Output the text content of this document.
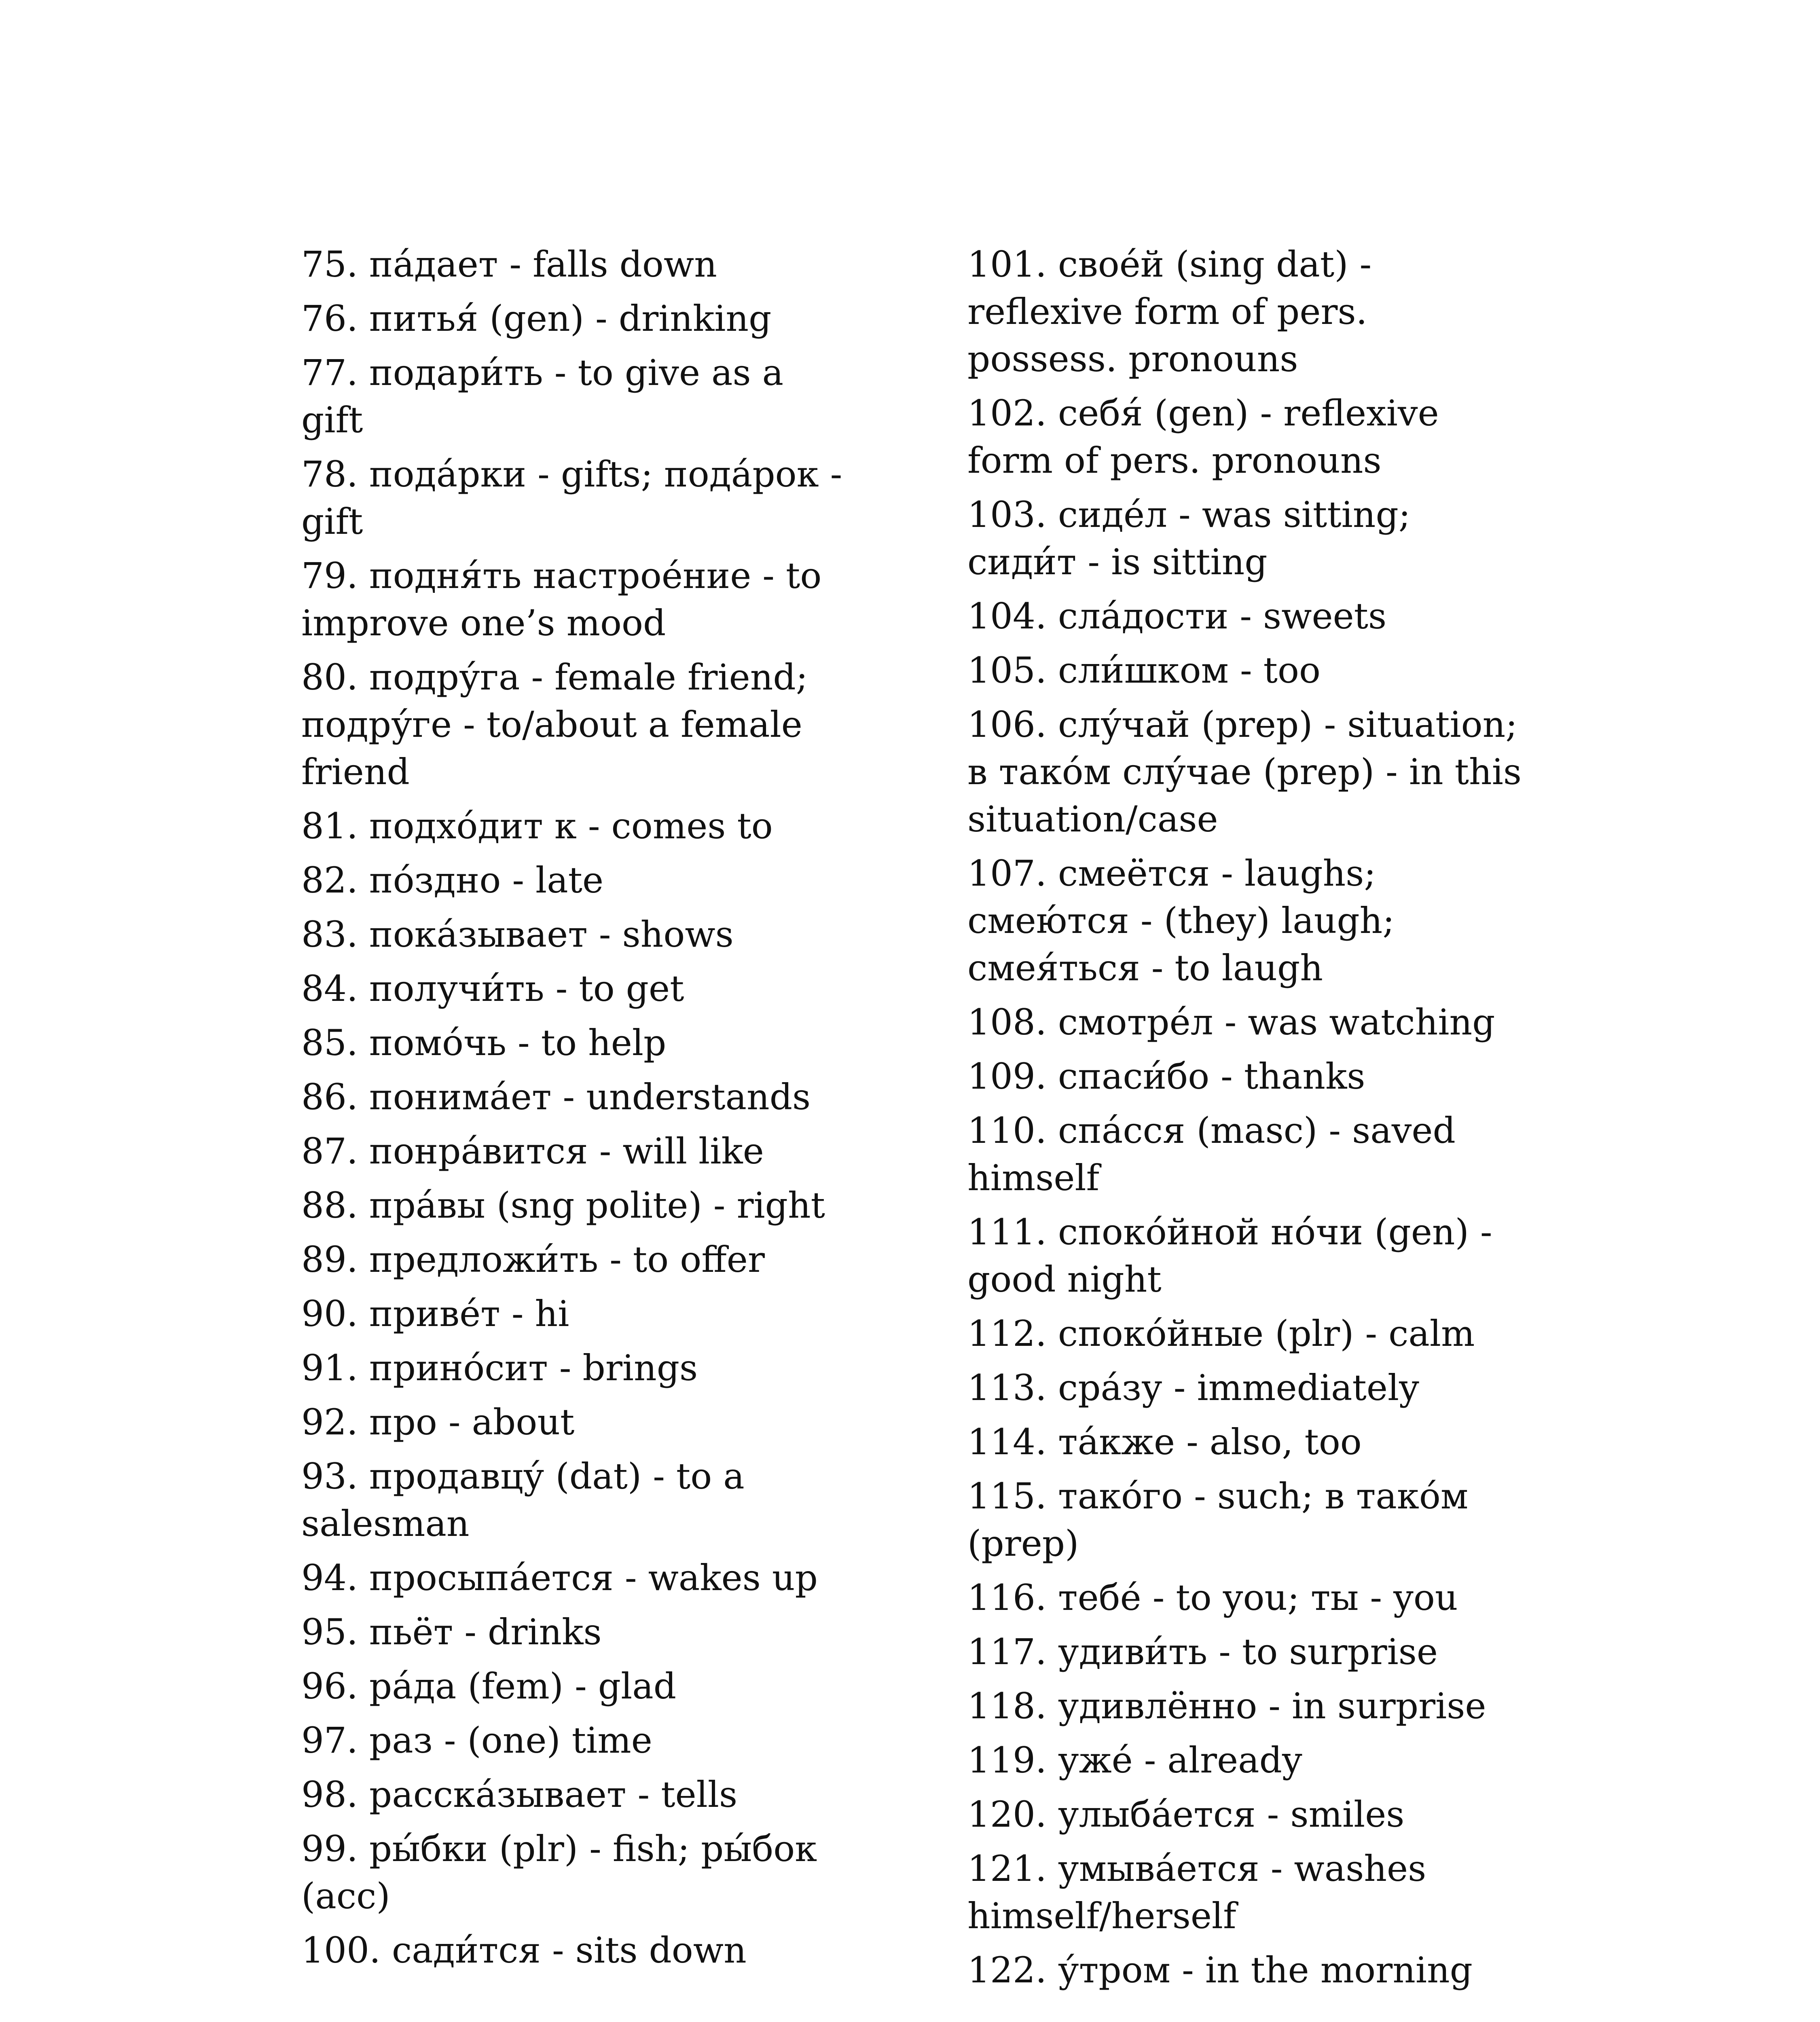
75. па́дает - falls down
76. питья́ (gen) - drinking
77. подари́ть - to give as a gift
78. пода́рки - gifts; пода́рок - gift
79. подня́ть настрое́ние - to improve one’s mood
80. подру́га - female friend; подру́ге - to/about a female friend
81. подхо́дит к - comes to
82. по́здно - late
83. пока́зывает - shows
84. получи́ть - to get
85. помо́чь - to help
86. понима́ет - understands
87. понра́вится - will like
88. пра́вы (sng polite) - right
89. предложи́ть - to offer
90. приве́т - hi
91. прино́сит - brings
92. про - about
93. продавцу́ (dat) - to a salesman
94. просыпа́ется - wakes up
95. пьёт - drinks
96. ра́да (fem) - glad
97. раз - (one) time
98. расска́зывает - tells
99. ры́бки (plr) - fish; ры́бок (acc)
100. сади́тся - sits down
101. свое́й (sing dat) - reflexive form of pers. possess. pronouns
102. себя́ (gen) - reflexive form of pers. pronouns
103. сиде́л - was sitting; сиди́т - is sitting
104. сла́дости - sweets
105. сли́шком - too
106. слу́чай (prep) - situation; в тако́м слу́чае (prep) - in this situation/case
107. смеётся - laughs; смею́тся - (they) laugh; смея́ться - to laugh
108. смотре́л - was watching
109. спаси́бо - thanks
110. спа́сся (masc) - saved himself
111. споко́йной но́чи (gen) - good night
112. споко́йные (plr) - calm
113. сра́зу - immediately
114. та́кже - also, too
115. тако́го - such; в тако́м (prep)
116. тебе́ - to you; ты - you
117. удиви́ть - to surprise
118. удивлённо - in surprise
119. уже́ - already
120. улыба́ется - smiles
121. умыва́ется - washes himself/herself
122. у́тром - in the morning
